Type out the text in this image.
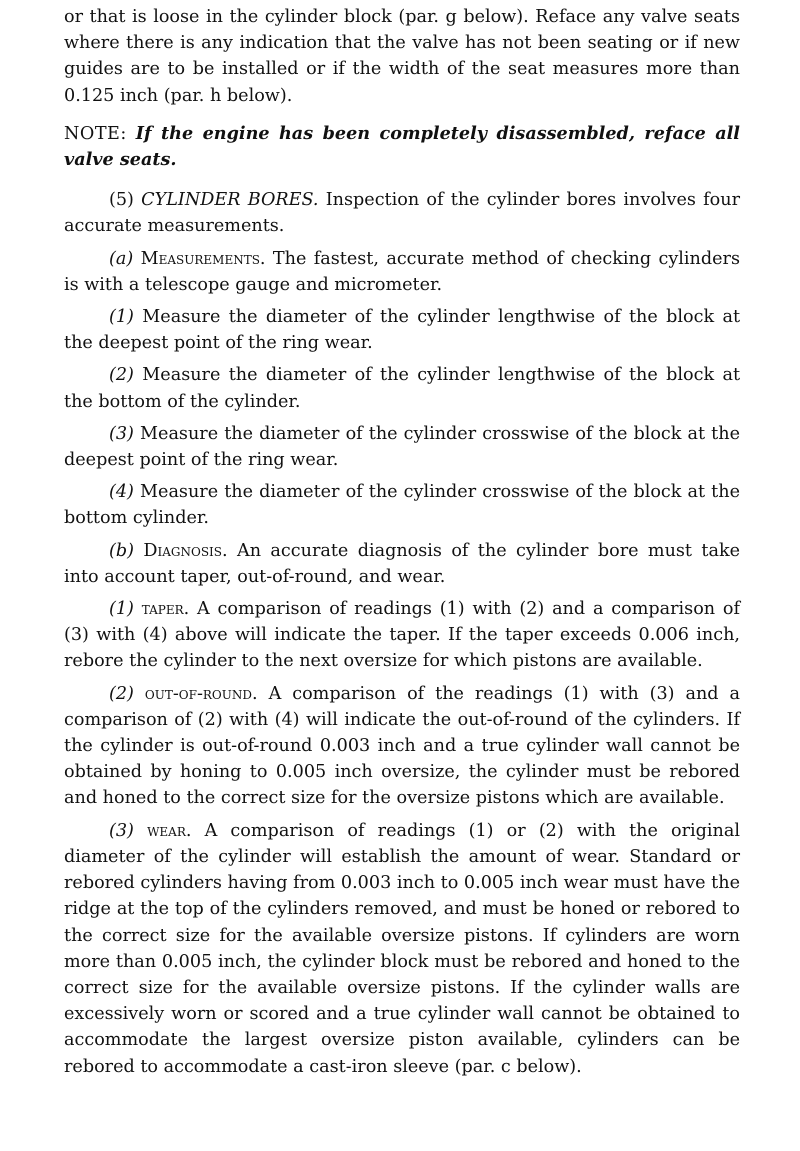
or that is loose in the cylinder block (par. g below). Reface any valve seats where there is any indication that the valve has not been seating or if new guides are to be installed or if the width of the seat measures more than 0.125 inch (par. h below).

NOTE: If the engine has been completely disassembled, reface all valve seats.

(5) CYLINDER BORES. Inspection of the cylinder bores involves four accurate measurements.

(a) Measurements. The fastest, accurate method of checking cylinders is with a telescope gauge and micrometer.

(1) Measure the diameter of the cylinder lengthwise of the block at the deepest point of the ring wear.

(2) Measure the diameter of the cylinder lengthwise of the block at the bottom of the cylinder.

(3) Measure the diameter of the cylinder crosswise of the block at the deepest point of the ring wear.

(4) Measure the diameter of the cylinder crosswise of the block at the bottom cylinder.

(b) Diagnosis. An accurate diagnosis of the cylinder bore must take into account taper, out-of-round, and wear.

(1) taper. A comparison of readings (1) with (2) and a comparison of (3) with (4) above will indicate the taper. If the taper exceeds 0.006 inch, rebore the cylinder to the next oversize for which pistons are available.

(2) out-of-round. A comparison of the readings (1) with (3) and a comparison of (2) with (4) will indicate the out-of-round of the cylinders. If the cylinder is out-of-round 0.003 inch and a true cylinder wall cannot be obtained by honing to 0.005 inch oversize, the cylinder must be rebored and honed to the correct size for the oversize pistons which are available.

(3) wear. A comparison of readings (1) or (2) with the original diameter of the cylinder will establish the amount of wear. Standard or rebored cylinders having from 0.003 inch to 0.005 inch wear must have the ridge at the top of the cylinders removed, and must be honed or rebored to the correct size for the available oversize pistons. If cylinders are worn more than 0.005 inch, the cylinder block must be rebored and honed to the correct size for the available oversize pistons. If the cylinder walls are excessively worn or scored and a true cylinder wall cannot be obtained to accommodate the largest oversize piston available, cylinders can be rebored to accommodate a cast-iron sleeve (par. c below).
